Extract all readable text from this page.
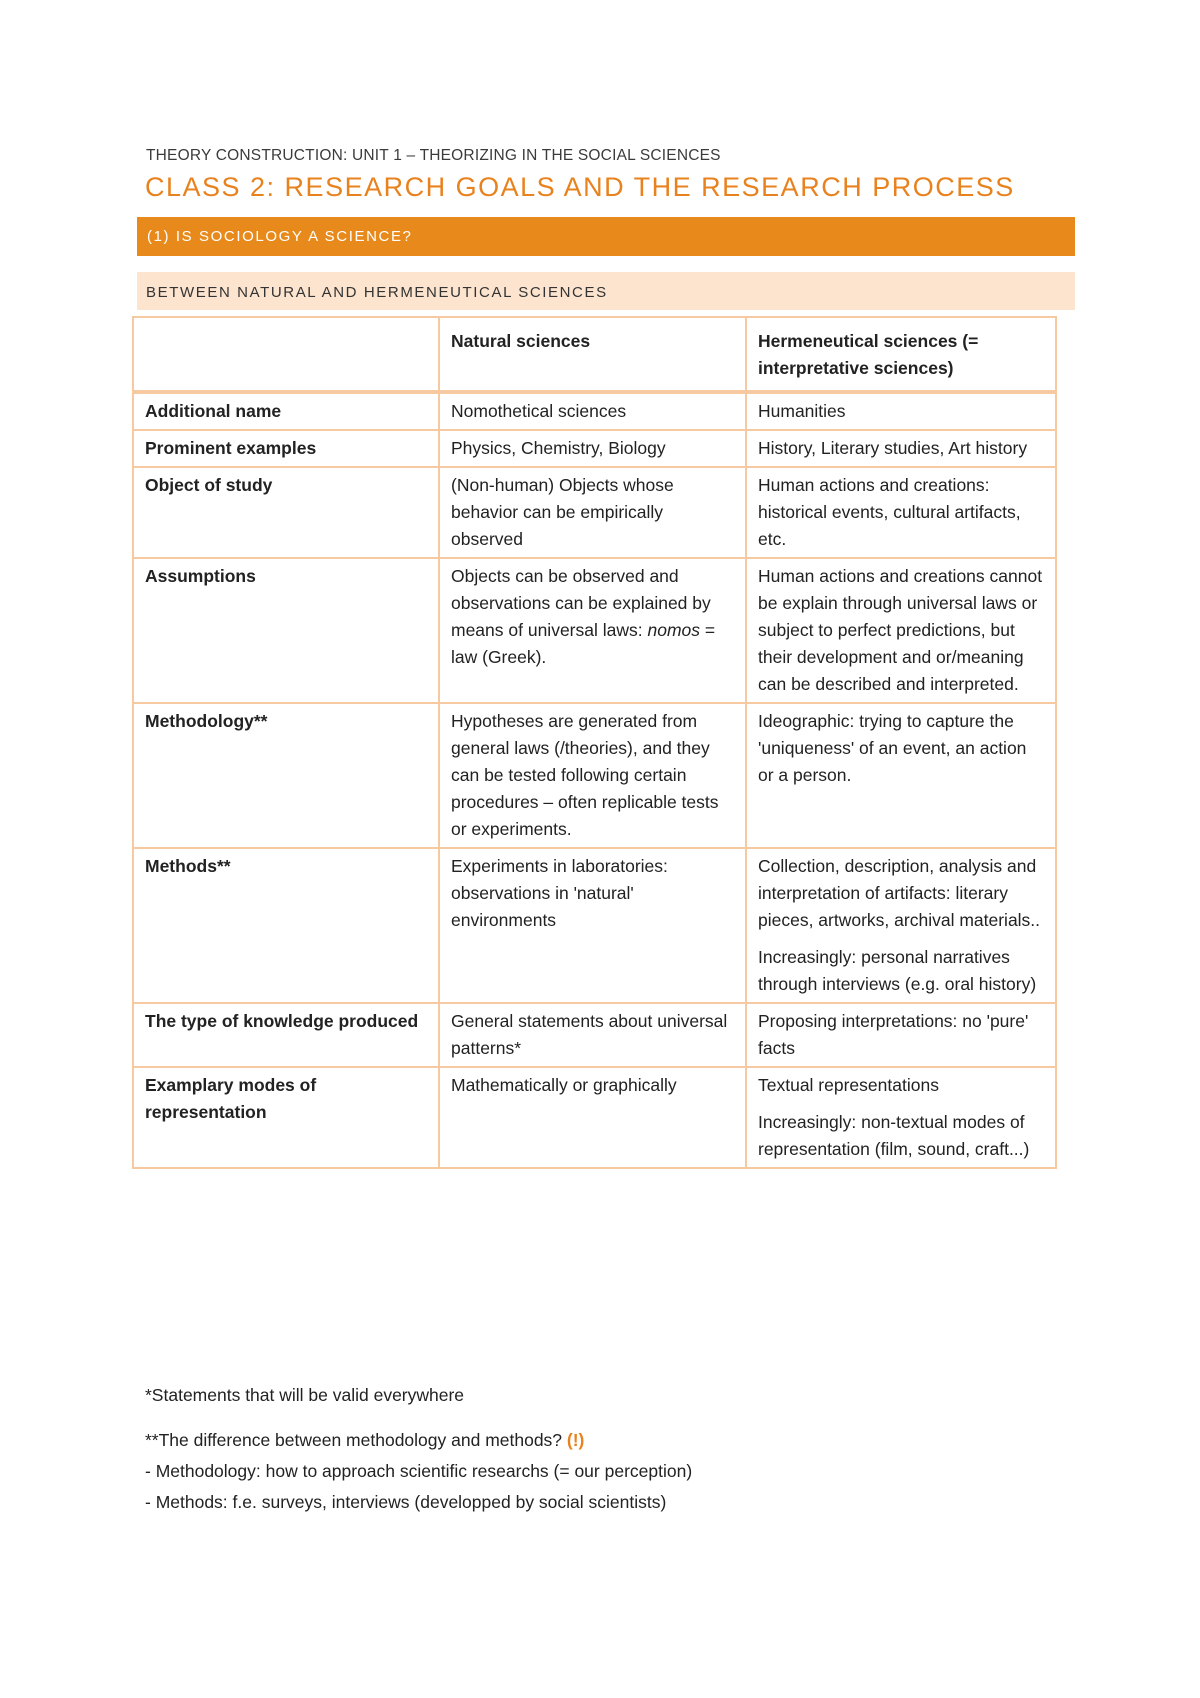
THEORY CONSTRUCTION: UNIT 1 – THEORIZING IN THE SOCIAL SCIENCES
CLASS 2: RESEARCH GOALS AND THE RESEARCH PROCESS
(1) IS SOCIOLOGY A SCIENCE?
BETWEEN NATURAL AND HERMENEUTICAL SCIENCES
	Natural sciences	Hermeneutical sciences (= interpretative sciences)
Additional name	Nomothetical sciences	Humanities
Prominent examples	Physics, Chemistry, Biology	History, Literary studies, Art history
Object of study	(Non-human) Objects whose behavior can be empirically observed	Human actions and creations: historical events, cultural artifacts, etc.
Assumptions	Objects can be observed and observations can be explained by means of universal laws: nomos = law (Greek).	Human actions and creations cannot be explain through universal laws or subject to perfect predictions, but their development and or/meaning can be described and interpreted.
Methodology**	Hypotheses are generated from general laws (/theories), and they can be tested following certain procedures – often replicable tests or experiments.	Ideographic: trying to capture the 'uniqueness' of an event, an action or a person.
Methods**	Experiments in laboratories: observations in 'natural' environments	Collection, description, analysis and interpretation of artifacts: literary pieces, artworks, archival materials..
Increasingly: personal narratives through interviews (e.g. oral history)

The type of knowledge produced	General statements about universal patterns*	Proposing interpretations: no 'pure' facts
Examplary modes of representation	Mathematically or graphically	Textual representations
Increasingly: non-textual modes of representation (film, sound, craft...)
*Statements that will be valid everywhere
**The difference between methodology and methods? (!)
- Methodology: how to approach scientific researchs (= our perception)
- Methods: f.e. surveys, interviews (developped by social scientists)
